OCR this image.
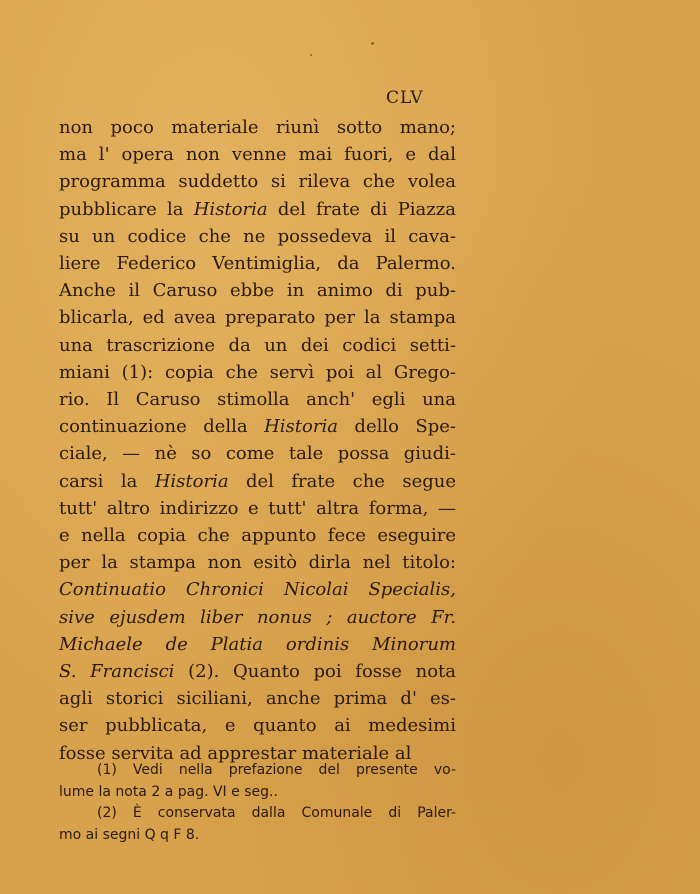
CLV
non poco materiale riunì sotto mano;
ma l' opera non venne mai fuori, e dal
programma suddetto si rileva che volea
pubblicare la Historia del frate di Piazza
su un codice che ne possedeva il cava-
liere Federico Ventimiglia, da Palermo.
Anche il Caruso ebbe in animo di pub-
blicarla, ed avea preparato per la stampa
una trascrizione da un dei codici setti-
miani (1): copia che servì poi al Grego-
rio. Il Caruso stimolla anch' egli una
continuazione della Historia dello Spe-
ciale, — nè so come tale possa giudi-
carsi la Historia del frate che segue
tutt' altro indirizzo e tutt' altra forma, —
e nella copia che appunto fece eseguire
per la stampa non esitò dirla nel titolo:
Continuatio Chronici Nicolai Specialis,
sive ejusdem liber nonus ; auctore Fr.
Michaele de Platia ordinis Minorum
S. Francisci (2). Quanto poi fosse nota
agli storici siciliani, anche prima d' es-
ser pubblicata, e quanto ai medesimi
fosse servita ad apprestar materiale al
(1) Vedi nella prefazione del presente vo-
lume la nota 2 a pag. VI e seg..
(2) È conservata dalla Comunale di Paler-
mo ai segni Q q F 8.
